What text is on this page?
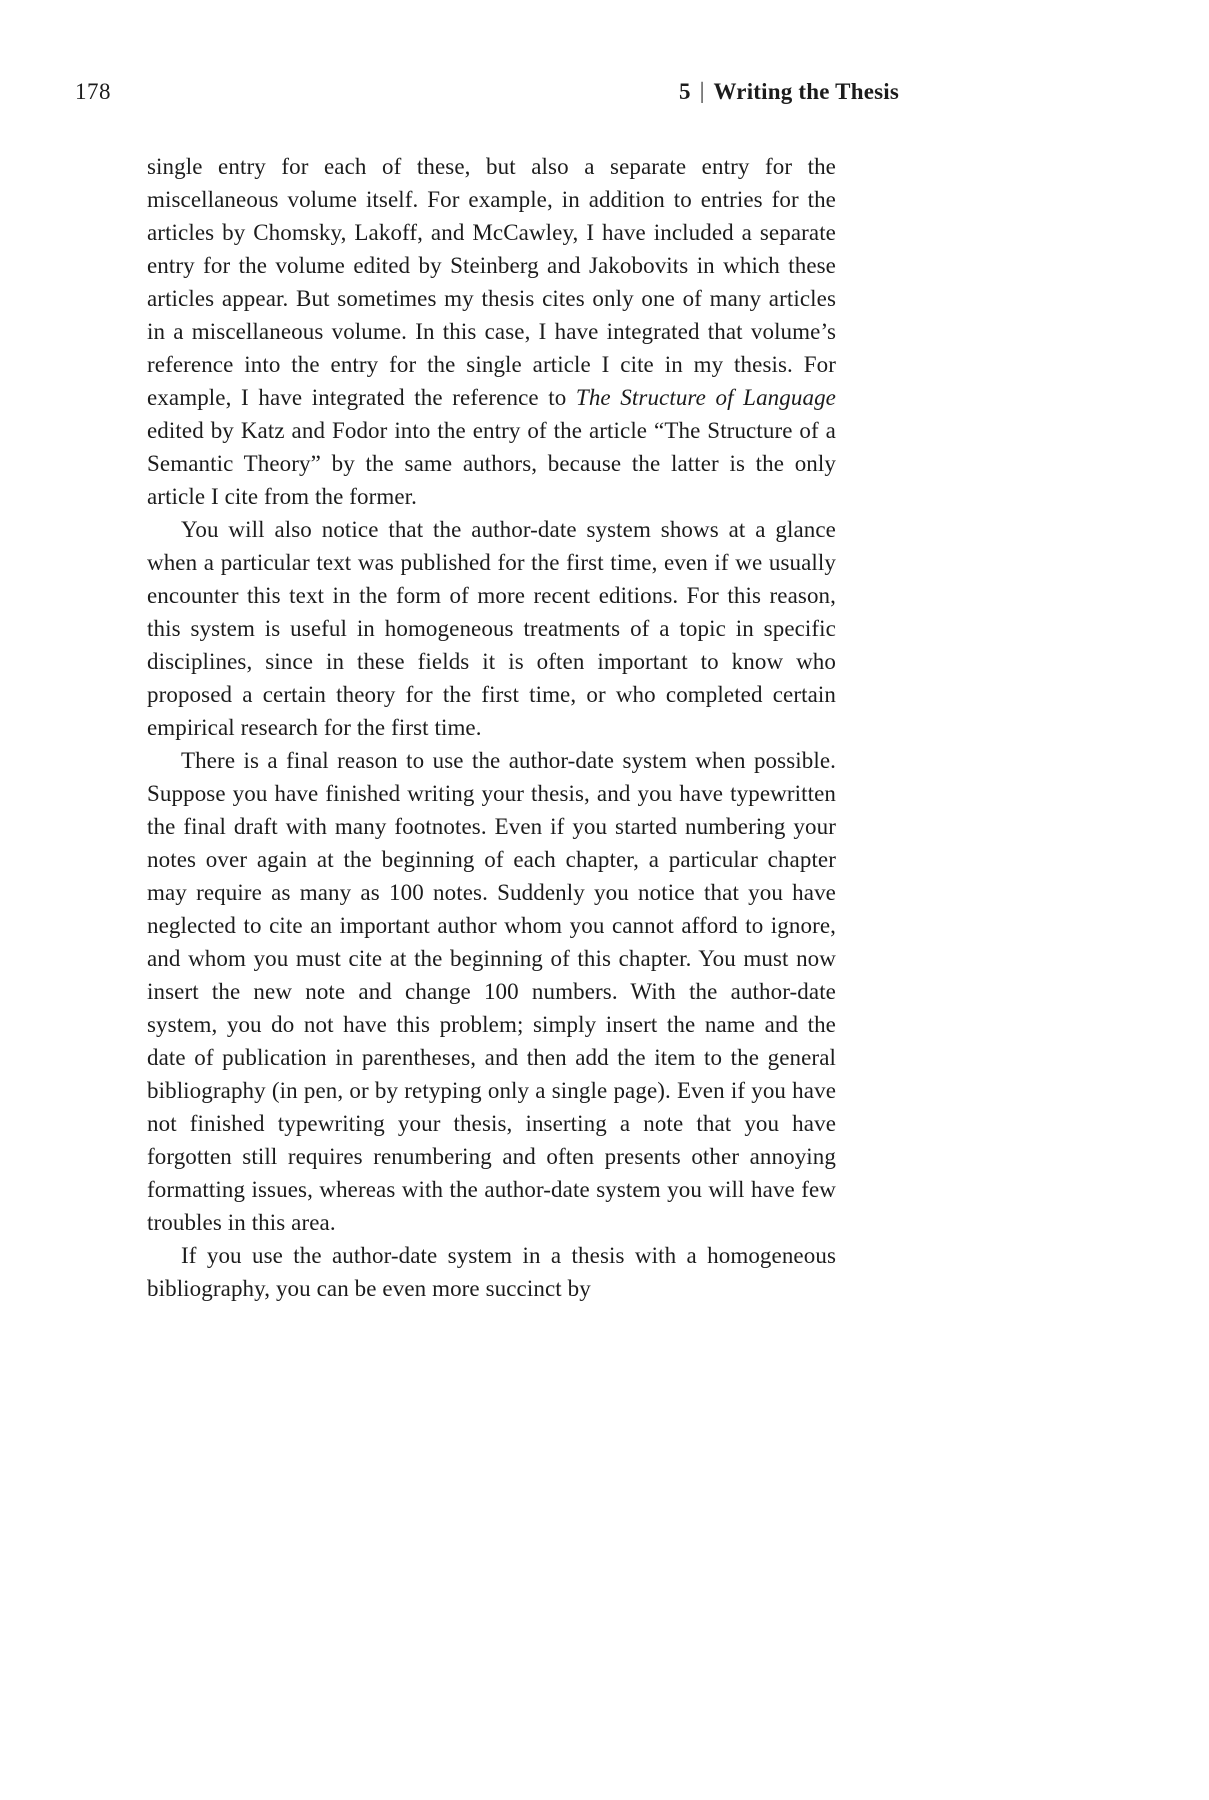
178	5 | Writing the Thesis

single entry for each of these, but also a separate entry for the miscellaneous volume itself. For example, in addition to entries for the articles by Chomsky, Lakoff, and McCawley, I have included a separate entry for the volume edited by Steinberg and Jakobovits in which these articles appear. But sometimes my thesis cites only one of many articles in a miscellaneous volume. In this case, I have integrated that volume’s reference into the entry for the single article I cite in my thesis. For example, I have integrated the reference to The Structure of Language edited by Katz and Fodor into the entry of the article “The Structure of a Semantic Theory” by the same authors, because the latter is the only article I cite from the former.

You will also notice that the author-date system shows at a glance when a particular text was published for the first time, even if we usually encounter this text in the form of more recent editions. For this reason, this system is useful in homogeneous treatments of a topic in specific disciplines, since in these fields it is often important to know who proposed a certain theory for the first time, or who completed certain empirical research for the first time.

There is a final reason to use the author-date system when possible. Suppose you have finished writing your thesis, and you have typewritten the final draft with many footnotes. Even if you started numbering your notes over again at the beginning of each chapter, a particular chapter may require as many as 100 notes. Suddenly you notice that you have neglected to cite an important author whom you cannot afford to ignore, and whom you must cite at the beginning of this chapter. You must now insert the new note and change 100 numbers. With the author-date system, you do not have this problem; simply insert the name and the date of publication in parentheses, and then add the item to the general bibliography (in pen, or by retyping only a single page). Even if you have not finished typewriting your thesis, inserting a note that you have forgotten still requires renumbering and often presents other annoying formatting issues, whereas with the author-date system you will have few troubles in this area.

If you use the author-date system in a thesis with a homogeneous bibliography, you can be even more succinct by
